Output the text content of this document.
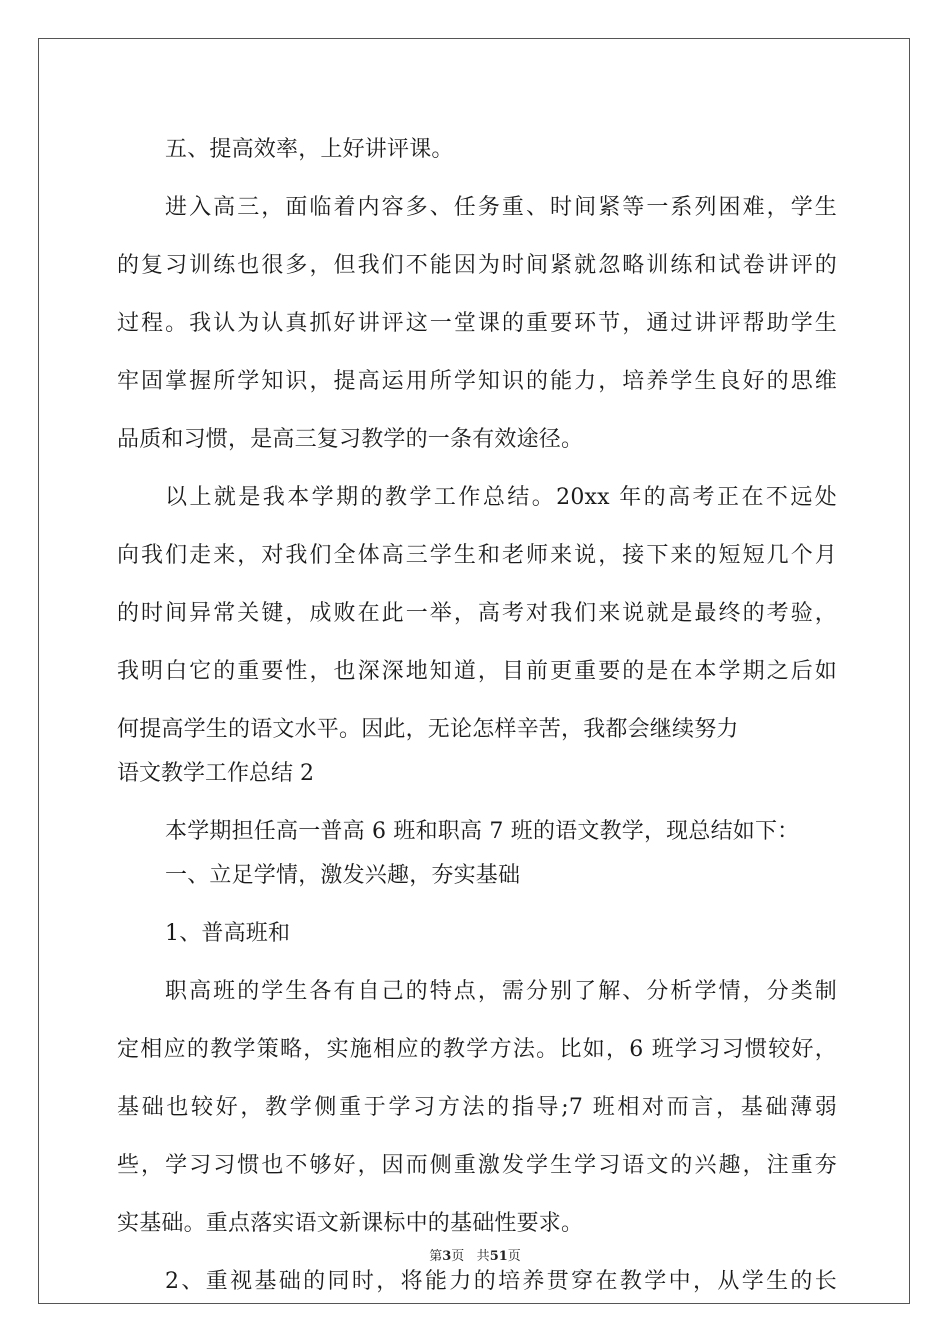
五、提高效率，上好讲评课。
进入高三，面临着内容多、任务重、时间紧等一系列困难，学生
的复习训练也很多，但我们不能因为时间紧就忽略训练和试卷讲评的
过程。我认为认真抓好讲评这一堂课的重要环节，通过讲评帮助学生
牢固掌握所学知识，提高运用所学知识的能力，培养学生良好的思维
品质和习惯，是高三复习教学的一条有效途径。
以上就是我本学期的教学工作总结。20xx 年的高考正在不远处
向我们走来，对我们全体高三学生和老师来说，接下来的短短几个月
的时间异常关键，成败在此一举，高考对我们来说就是最终的考验，
我明白它的重要性，也深深地知道，目前更重要的是在本学期之后如
何提高学生的语文水平。因此，无论怎样辛苦，我都会继续努力
语文教学工作总结 2
本学期担任高一普高 6 班和职高 7 班的语文教学，现总结如下：
一、立足学情，激发兴趣，夯实基础
1、普高班和
职高班的学生各有自己的特点，需分别了解、分析学情，分类制
定相应的教学策略，实施相应的教学方法。比如，6 班学习习惯较好，
基础也较好，教学侧重于学习方法的指导;7 班相对而言，基础薄弱
些，学习习惯也不够好，因而侧重激发学生学习语文的兴趣，注重夯
实基础。重点落实语文新课标中的基础性要求。
2、重视基础的同时，将能力的培养贯穿在教学中，从学生的长
第3页 共51页
